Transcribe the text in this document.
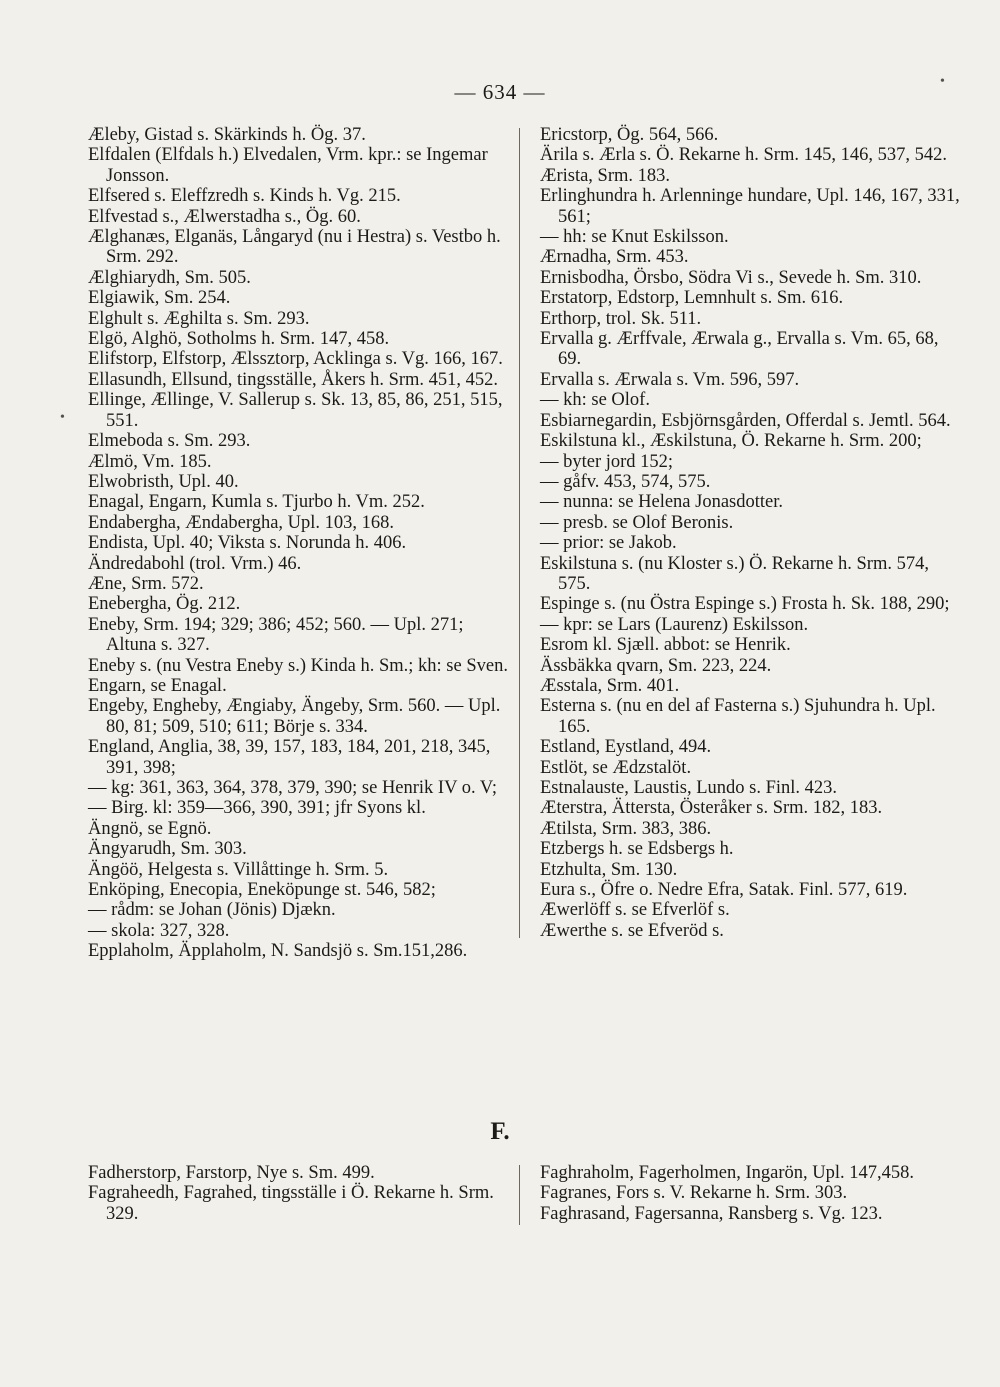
•
•
— 634 —

Æleby, Gistad s. Skärkinds h. Ög. 37.

Elfdalen (Elfdals h.) Elvedalen, Vrm. kpr.: se Ingemar Jonsson.

Elfsered s. Eleffzredh s. Kinds h. Vg. 215.

Elfvestad s., Ælwerstadha s., Ög. 60.

Ælghanæs, Elganäs, Långaryd (nu i Hestra) s. Vestbo h. Srm. 292.

Ælghiarydh, Sm. 505.

Elgiawik, Sm. 254.

Elghult s. Æghilta s. Sm. 293.

Elgö, Alghö, Sotholms h. Srm. 147, 458.

Elifstorp, Elfstorp, Ælssztorp, Acklinga s. Vg. 166, 167.

Ellasundh, Ellsund, tingsställe, Åkers h. Srm. 451, 452.

Ellinge, Ællinge, V. Sallerup s. Sk. 13, 85, 86, 251, 515, 551.

Elmeboda s. Sm. 293.

Ælmö, Vm. 185.

Elwobristh, Upl. 40.

Enagal, Engarn, Kumla s. Tjurbo h. Vm. 252.

Endabergha, Ændabergha, Upl. 103, 168.

Endista, Upl. 40; Viksta s. Norunda h. 406.

Ändredabohl (trol. Vrm.) 46.

Æne, Srm. 572.

Enebergha, Ög. 212.

Eneby, Srm. 194; 329; 386; 452; 560. — Upl. 271; Altuna s. 327.

Eneby s. (nu Vestra Eneby s.) Kinda h. Sm.; kh: se Sven.

Engarn, se Enagal.

Engeby, Engheby, Ængiaby, Ängeby, Srm. 560. — Upl. 80, 81; 509, 510; 611; Börje s. 334.

England, Anglia, 38, 39, 157, 183, 184, 201, 218, 345, 391, 398;

— kg: 361, 363, 364, 378, 379, 390; se Henrik IV o. V;

— Birg. kl: 359—366, 390, 391; jfr Syons kl.

Ängnö, se Egnö.

Ängyarudh, Sm. 303.

Ängöö, Helgesta s. Villåttinge h. Srm. 5.

Enköping, Enecopia, Eneköpunge st. 546, 582;

— rådm: se Johan (Jönis) Djækn.

— skola: 327, 328.

Epplaholm, Äpplaholm, N. Sandsjö s. Sm.151,286.

Ericstorp, Ög. 564, 566.

Ärila s. Ærla s. Ö. Rekarne h. Srm. 145, 146, 537, 542.

Ærista, Srm. 183.

Erlinghundra h. Arlenninge hundare, Upl. 146, 167, 331, 561;

— hh: se Knut Eskilsson.

Ærnadha, Srm. 453.

Ernisbodha, Örsbo, Södra Vi s., Sevede h. Sm. 310.

Erstatorp, Edstorp, Lemnhult s. Sm. 616.

Erthorp, trol. Sk. 511.

Ervalla g. Ærffvale, Ærwala g., Ervalla s. Vm. 65, 68, 69.

Ervalla s. Ærwala s. Vm. 596, 597.

— kh: se Olof.

Esbiarnegardin, Esbjörnsgården, Offerdal s. Jemtl. 564.

Eskilstuna kl., Æskilstuna, Ö. Rekarne h. Srm. 200;

— byter jord 152;

— gåfv. 453, 574, 575.

— nunna: se Helena Jonasdotter.

— presb. se Olof Beronis.

— prior: se Jakob.

Eskilstuna s. (nu Kloster s.) Ö. Rekarne h. Srm. 574, 575.

Espinge s. (nu Östra Espinge s.) Frosta h. Sk. 188, 290;

— kpr: se Lars (Laurenz) Eskilsson.

Esrom kl. Sjæll. abbot: se Henrik.

Ässbäkka qvarn, Sm. 223, 224.

Æsstala, Srm. 401.

Esterna s. (nu en del af Fasterna s.) Sjuhundra h. Upl. 165.

Estland, Eystland, 494.

Estlöt, se Ædzstalöt.

Estnalauste, Laustis, Lundo s. Finl. 423.

Æterstra, Ättersta, Österåker s. Srm. 182, 183.

Ætilsta, Srm. 383, 386.

Etzbergs h. se Edsbergs h.

Etzhulta, Sm. 130.

Eura s., Öfre o. Nedre Efra, Satak. Finl. 577, 619.

Æwerlöff s. se Efverlöf s.

Æwerthe s. se Efveröd s.

F.

Fadherstorp, Farstorp, Nye s. Sm. 499.

Fagraheedh, Fagrahed, tingsställe i Ö. Rekarne h. Srm. 329.

Faghraholm, Fagerholmen, Ingarön, Upl. 147,458.

Fagranes, Fors s. V. Rekarne h. Srm. 303.

Faghrasand, Fagersanna, Ransberg s. Vg. 123.
